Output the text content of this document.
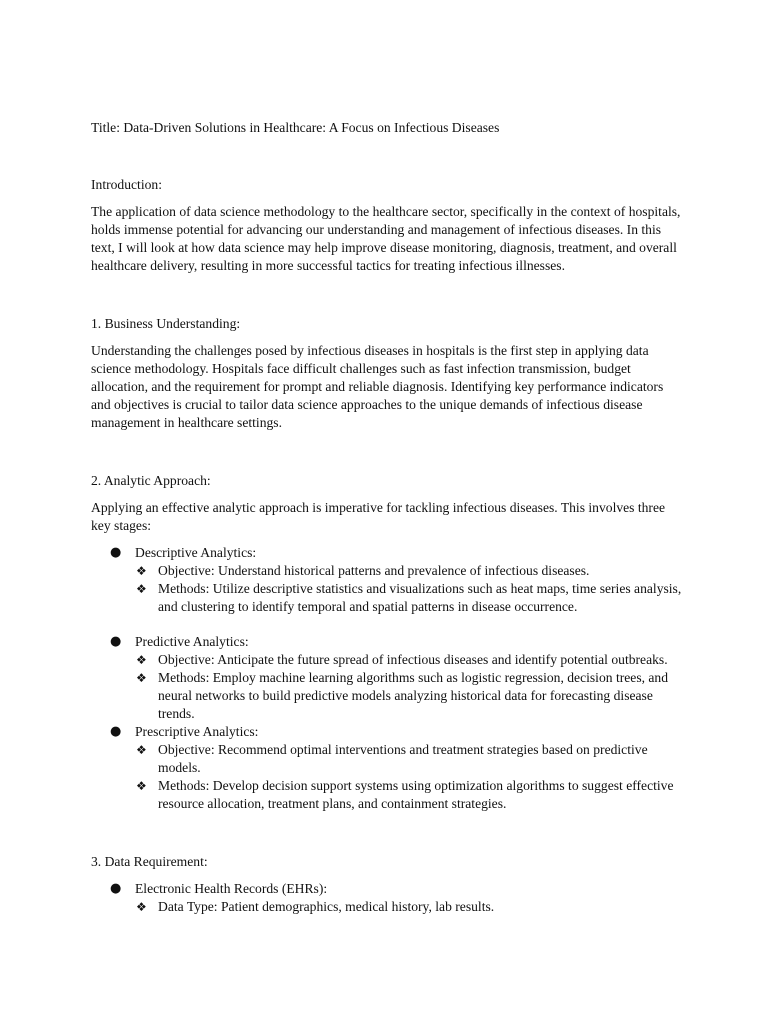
Title: Data-Driven Solutions in Healthcare: A Focus on Infectious Diseases

Introduction:

The application of data science methodology to the healthcare sector, specifically in the context of hospitals, holds immense potential for advancing our understanding and management of infectious diseases. In this text, I will look at how data science may help improve disease monitoring, diagnosis, treatment, and overall healthcare delivery, resulting in more successful tactics for treating infectious illnesses.

1. Business Understanding:

Understanding the challenges posed by infectious diseases in hospitals is the first step in applying data science methodology. Hospitals face difficult challenges such as fast infection transmission, budget allocation, and the requirement for prompt and reliable diagnosis. Identifying key performance indicators and objectives is crucial to tailor data science approaches to the unique demands of infectious disease management in healthcare settings.

2. Analytic Approach:

Applying an effective analytic approach is imperative for tackling infectious diseases. This involves three key stages:

● Descriptive Analytics:
❖ Objective: Understand historical patterns and prevalence of infectious diseases.
❖ Methods: Utilize descriptive statistics and visualizations such as heat maps, time series analysis, and clustering to identify temporal and spatial patterns in disease occurrence.
● Predictive Analytics:
❖ Objective: Anticipate the future spread of infectious diseases and identify potential outbreaks.
❖ Methods: Employ machine learning algorithms such as logistic regression, decision trees, and neural networks to build predictive models analyzing historical data for forecasting disease trends.
● Prescriptive Analytics:
❖ Objective: Recommend optimal interventions and treatment strategies based on predictive models.
❖ Methods: Develop decision support systems using optimization algorithms to suggest effective resource allocation, treatment plans, and containment strategies.

3. Data Requirement:

● Electronic Health Records (EHRs):
❖ Data Type: Patient demographics, medical history, lab results.
